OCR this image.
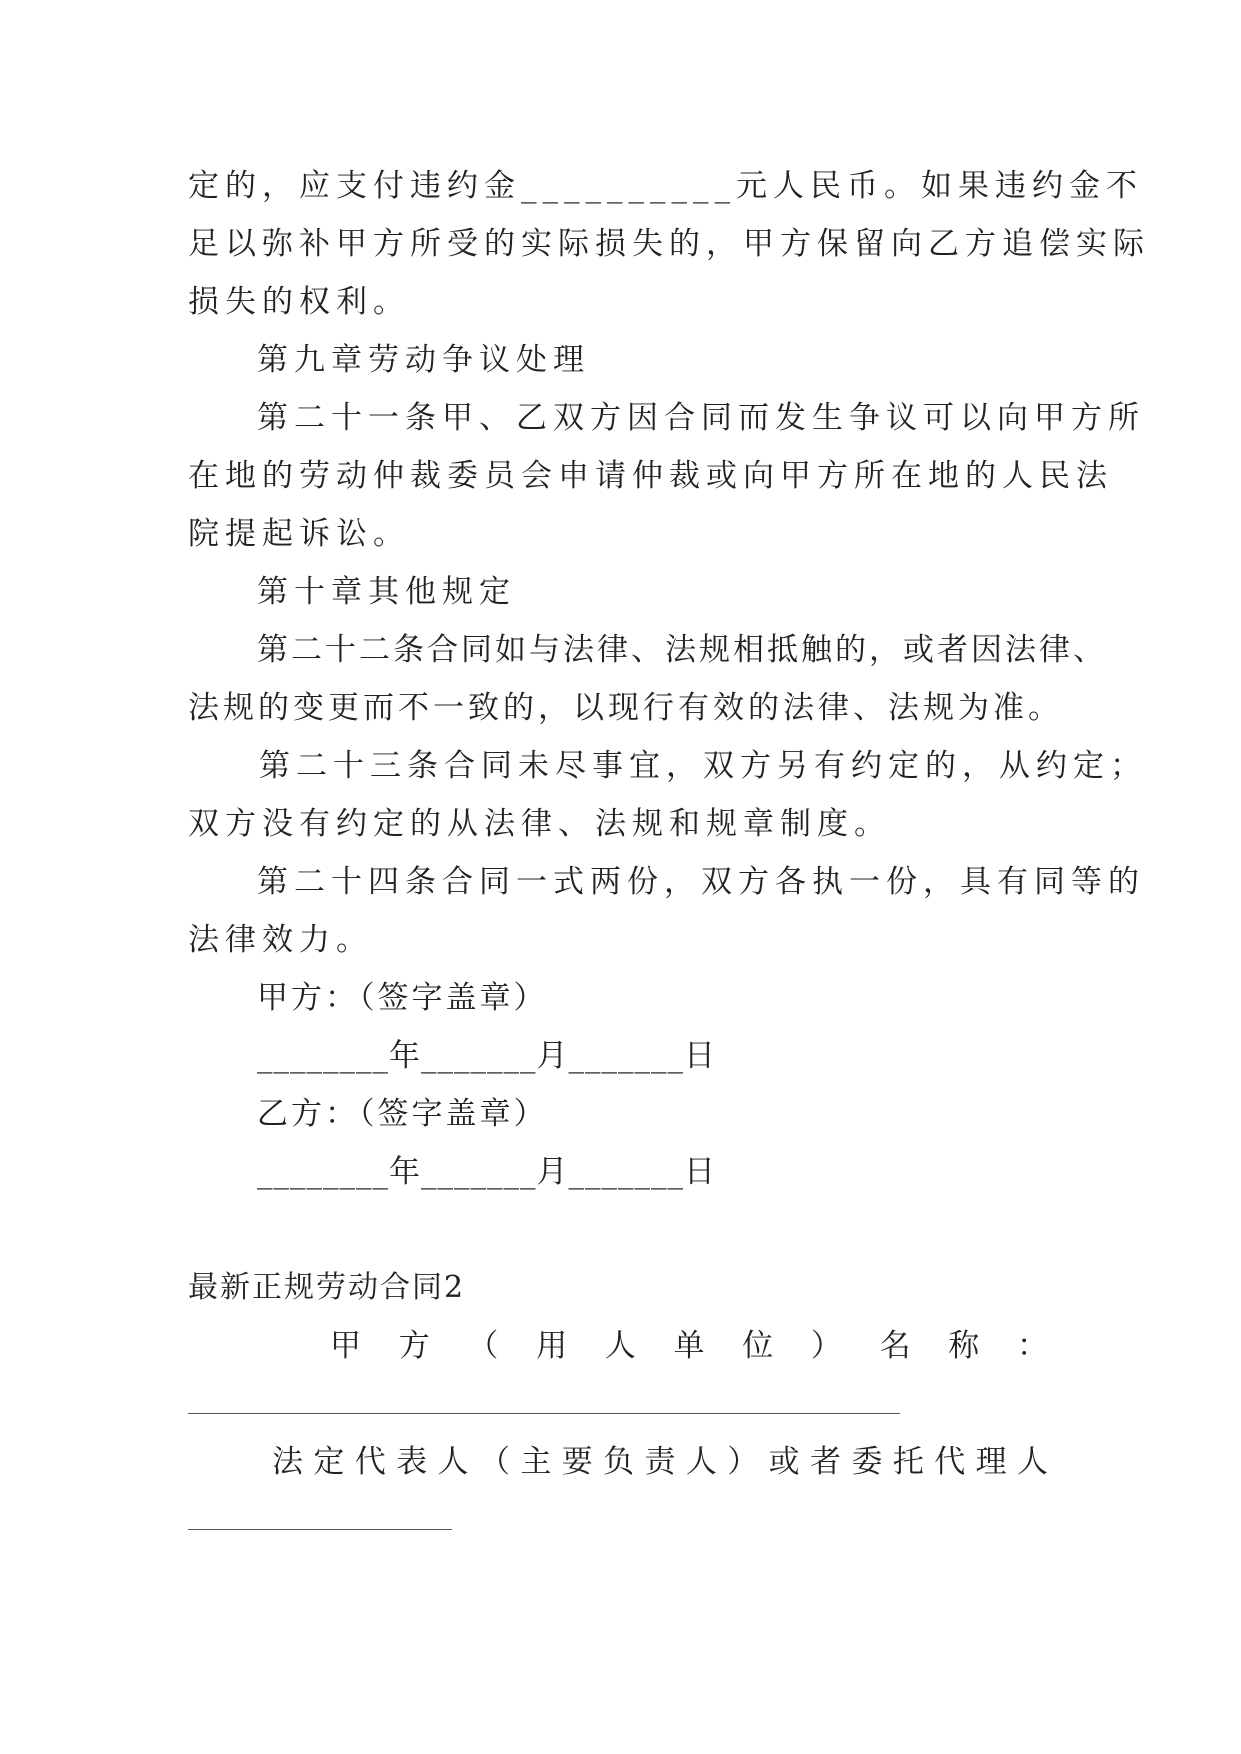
定的，应支付违约金__________元人民币。如果违约金不
足以弥补甲方所受的实际损失的，甲方保留向乙方追偿实际
损失的权利。
第九章劳动争议处理
第二十一条甲、乙双方因合同而发生争议可以向甲方所
在地的劳动仲裁委员会申请仲裁或向甲方所在地的人民法
院提起诉讼。
第十章其他规定
第二十二条合同如与法律、法规相抵触的，或者因法律、
法规的变更而不一致的，以现行有效的法律、法规为准。
第二十三条合同未尽事宜，双方另有约定的，从约定；
双方没有约定的从法律、法规和规章制度。
第二十四条合同一式两份，双方各执一份，具有同等的
法律效力。
甲方：（签字盖章）
________年_______月_______日
乙方：（签字盖章）
________年_______月_______日
最新正规劳动合同2
甲方（用人单位）名称：
法定代表人（主要负责人）或者委托代理人
